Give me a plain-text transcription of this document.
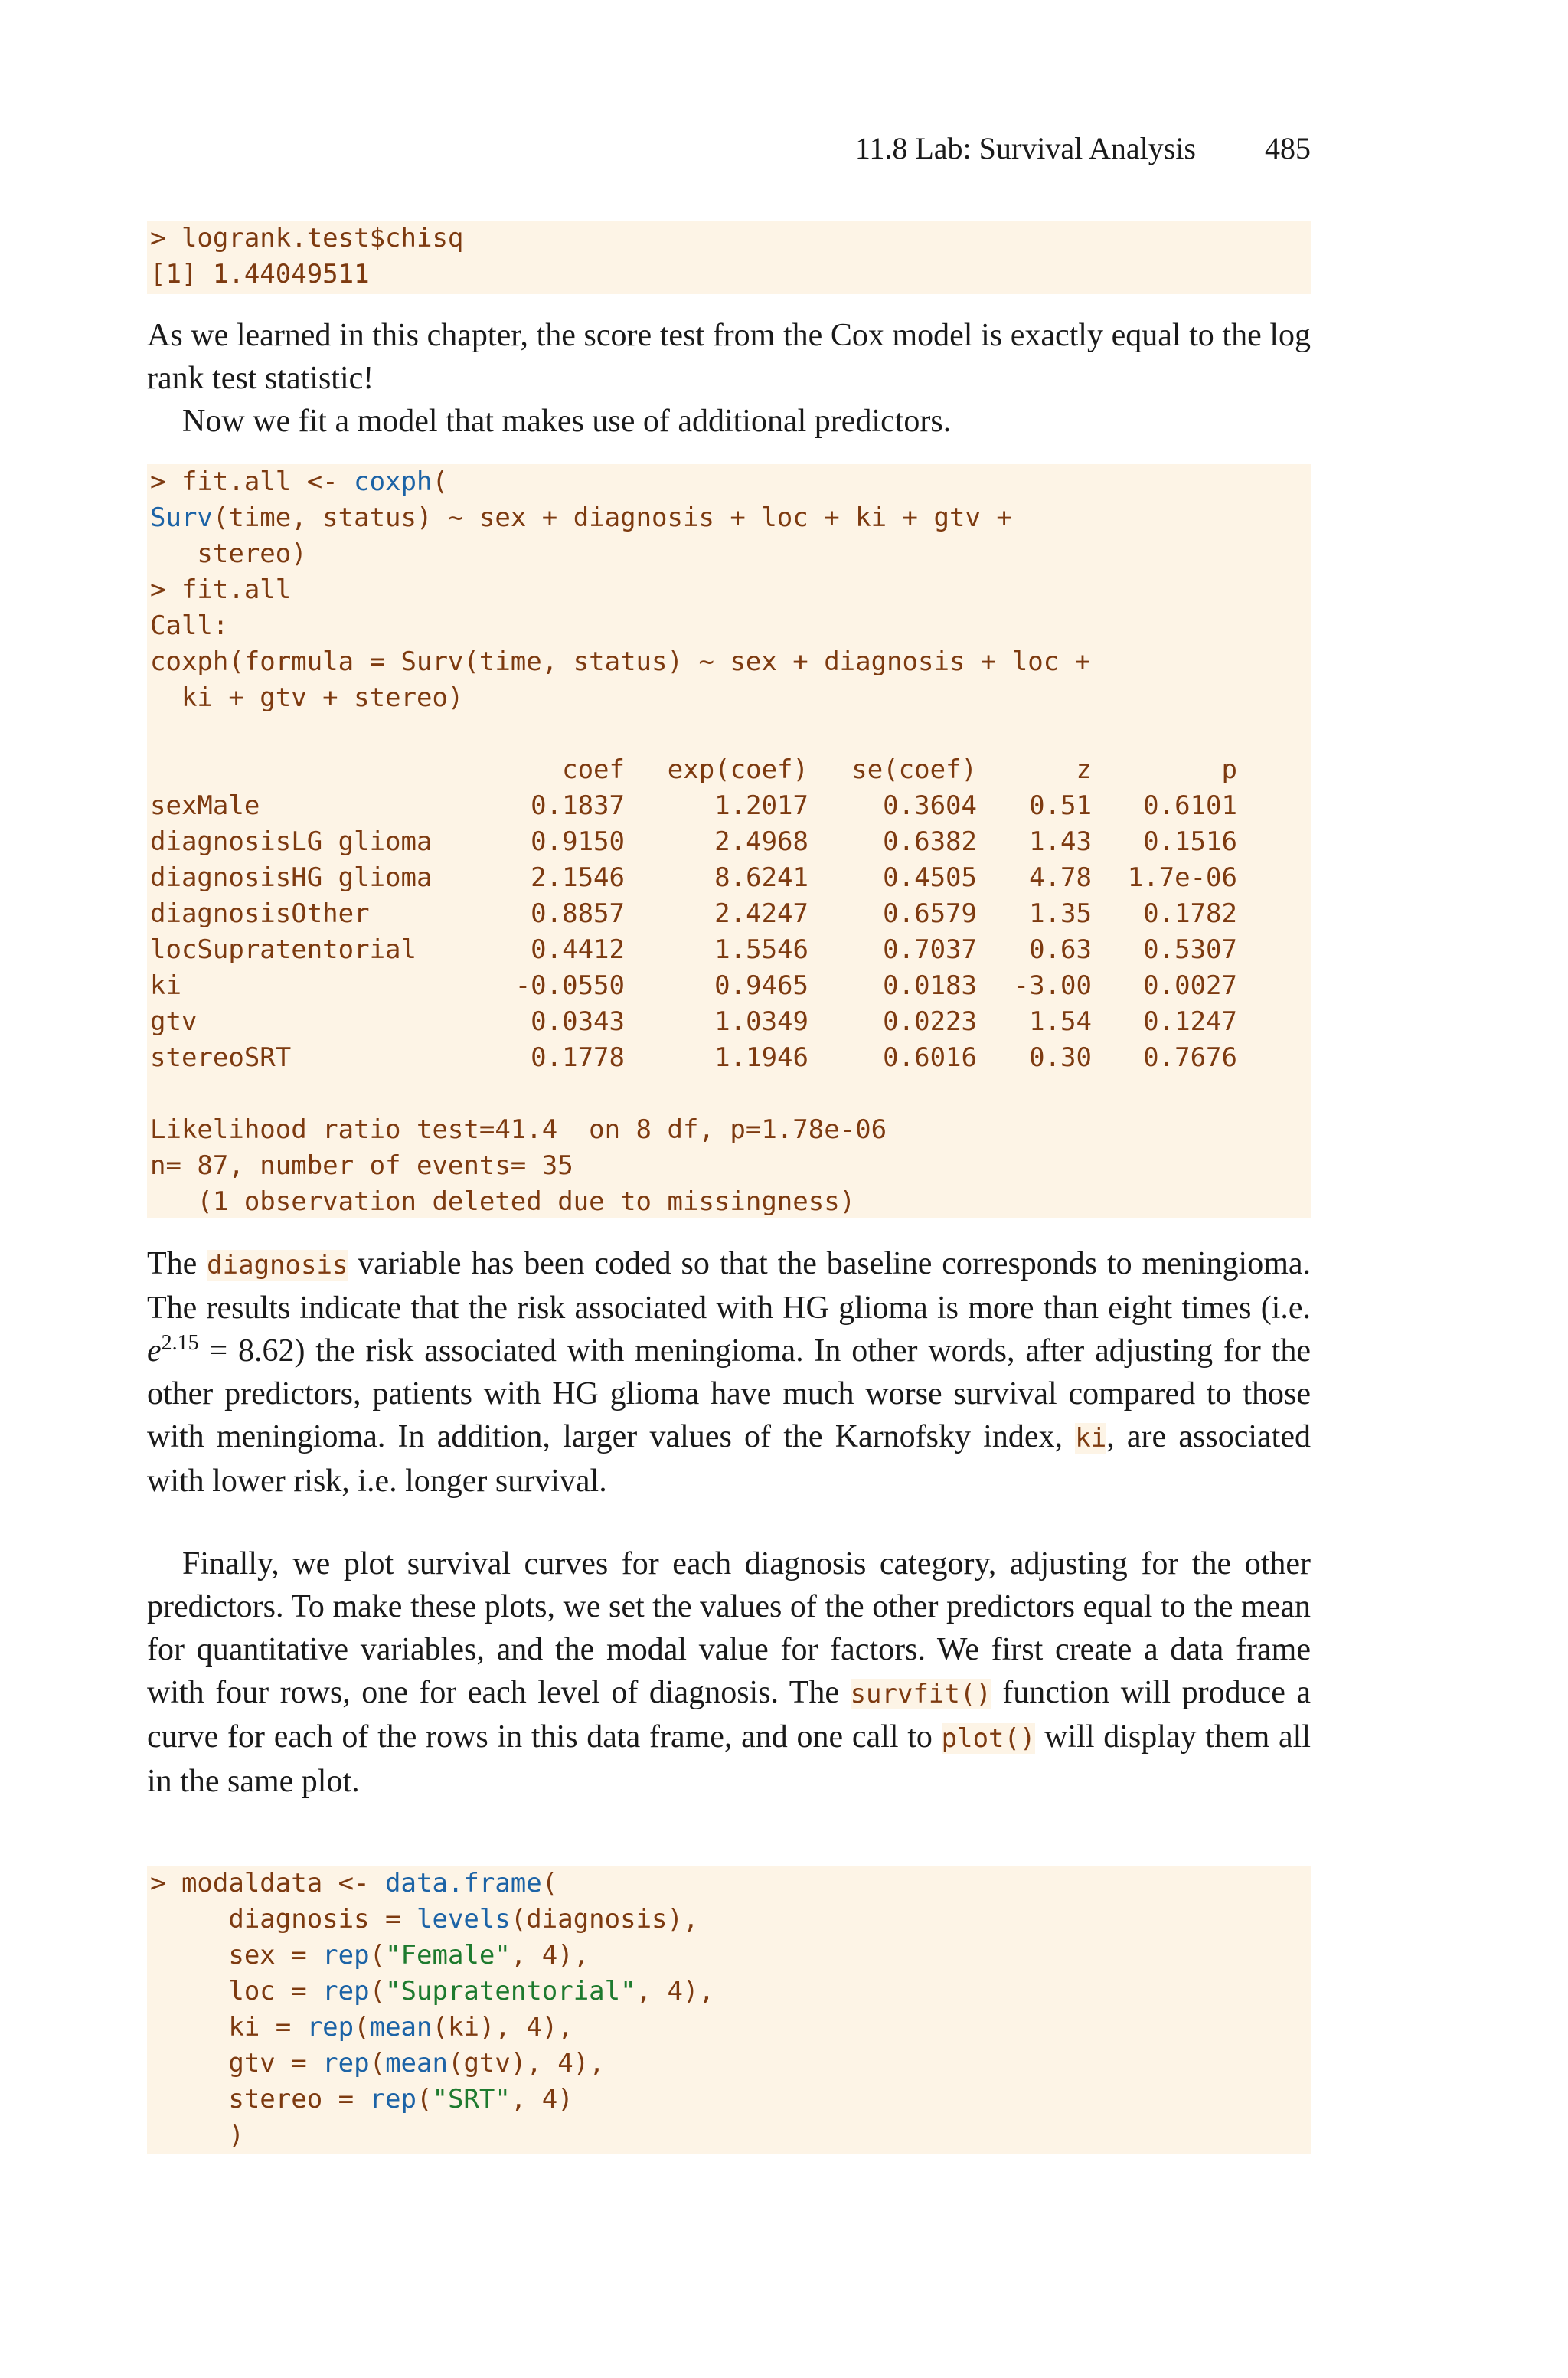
11.8 Lab: Survival Analysis 485
> logrank.test$chisq
[1] 1.44049511

As we learned in this chapter, the score test from the Cox model is exactly equal to the log rank test statistic!

Now we fit a model that makes use of additional predictors.

> fit.all <- coxph(
Surv(time, status) ~ sex + diagnosis + loc + ki + gtv +
stereo)
> fit.all
Call:
coxph(formula = Surv(time, status) ~ sex + diagnosis + loc +
ki + gtv + stereo)
	coef	exp(coef)	se(coef)	z	p
sexMale	0.1837	1.2017	0.3604	0.51	0.6101
diagnosisLG glioma	0.9150	2.4968	0.6382	1.43	0.1516
diagnosisHG glioma	2.1546	8.6241	0.4505	4.78	1.7e-06
diagnosisOther	0.8857	2.4247	0.6579	1.35	0.1782
locSupratentorial	0.4412	1.5546	0.7037	0.63	0.5307
ki	-0.0550	0.9465	0.0183	-3.00	0.0027
gtv	0.0343	1.0349	0.0223	1.54	0.1247
stereoSRT	0.1778	1.1946	0.6016	0.30	0.7676
Likelihood ratio test=41.4  on 8 df, p=1.78e-06
n= 87, number of events= 35
(1 observation deleted due to missingness)

The diagnosis variable has been coded so that the baseline corresponds to meningioma. The results indicate that the risk associated with HG glioma is more than eight times (i.e. $e^{2.15} = 8.62$) the risk associated with meningioma. In other words, after adjusting for the other predictors, patients with HG glioma have much worse survival compared to those with meningioma. In addition, larger values of the Karnofsky index, ki, are associated with lower risk, i.e. longer survival.

Finally, we plot survival curves for each diagnosis category, adjusting for the other predictors. To make these plots, we set the values of the other predictors equal to the mean for quantitative variables, and the modal value for factors. We first create a data frame with four rows, one for each level of diagnosis. The survfit() function will produce a curve for each of the rows in this data frame, and one call to plot() will display them all in the same plot.

> modaldata <- data.frame(
diagnosis = levels(diagnosis),
sex = rep("Female", 4),
loc = rep("Supratentorial", 4),
ki = rep(mean(ki), 4),
gtv = rep(mean(gtv), 4),
stereo = rep("SRT", 4)
)
